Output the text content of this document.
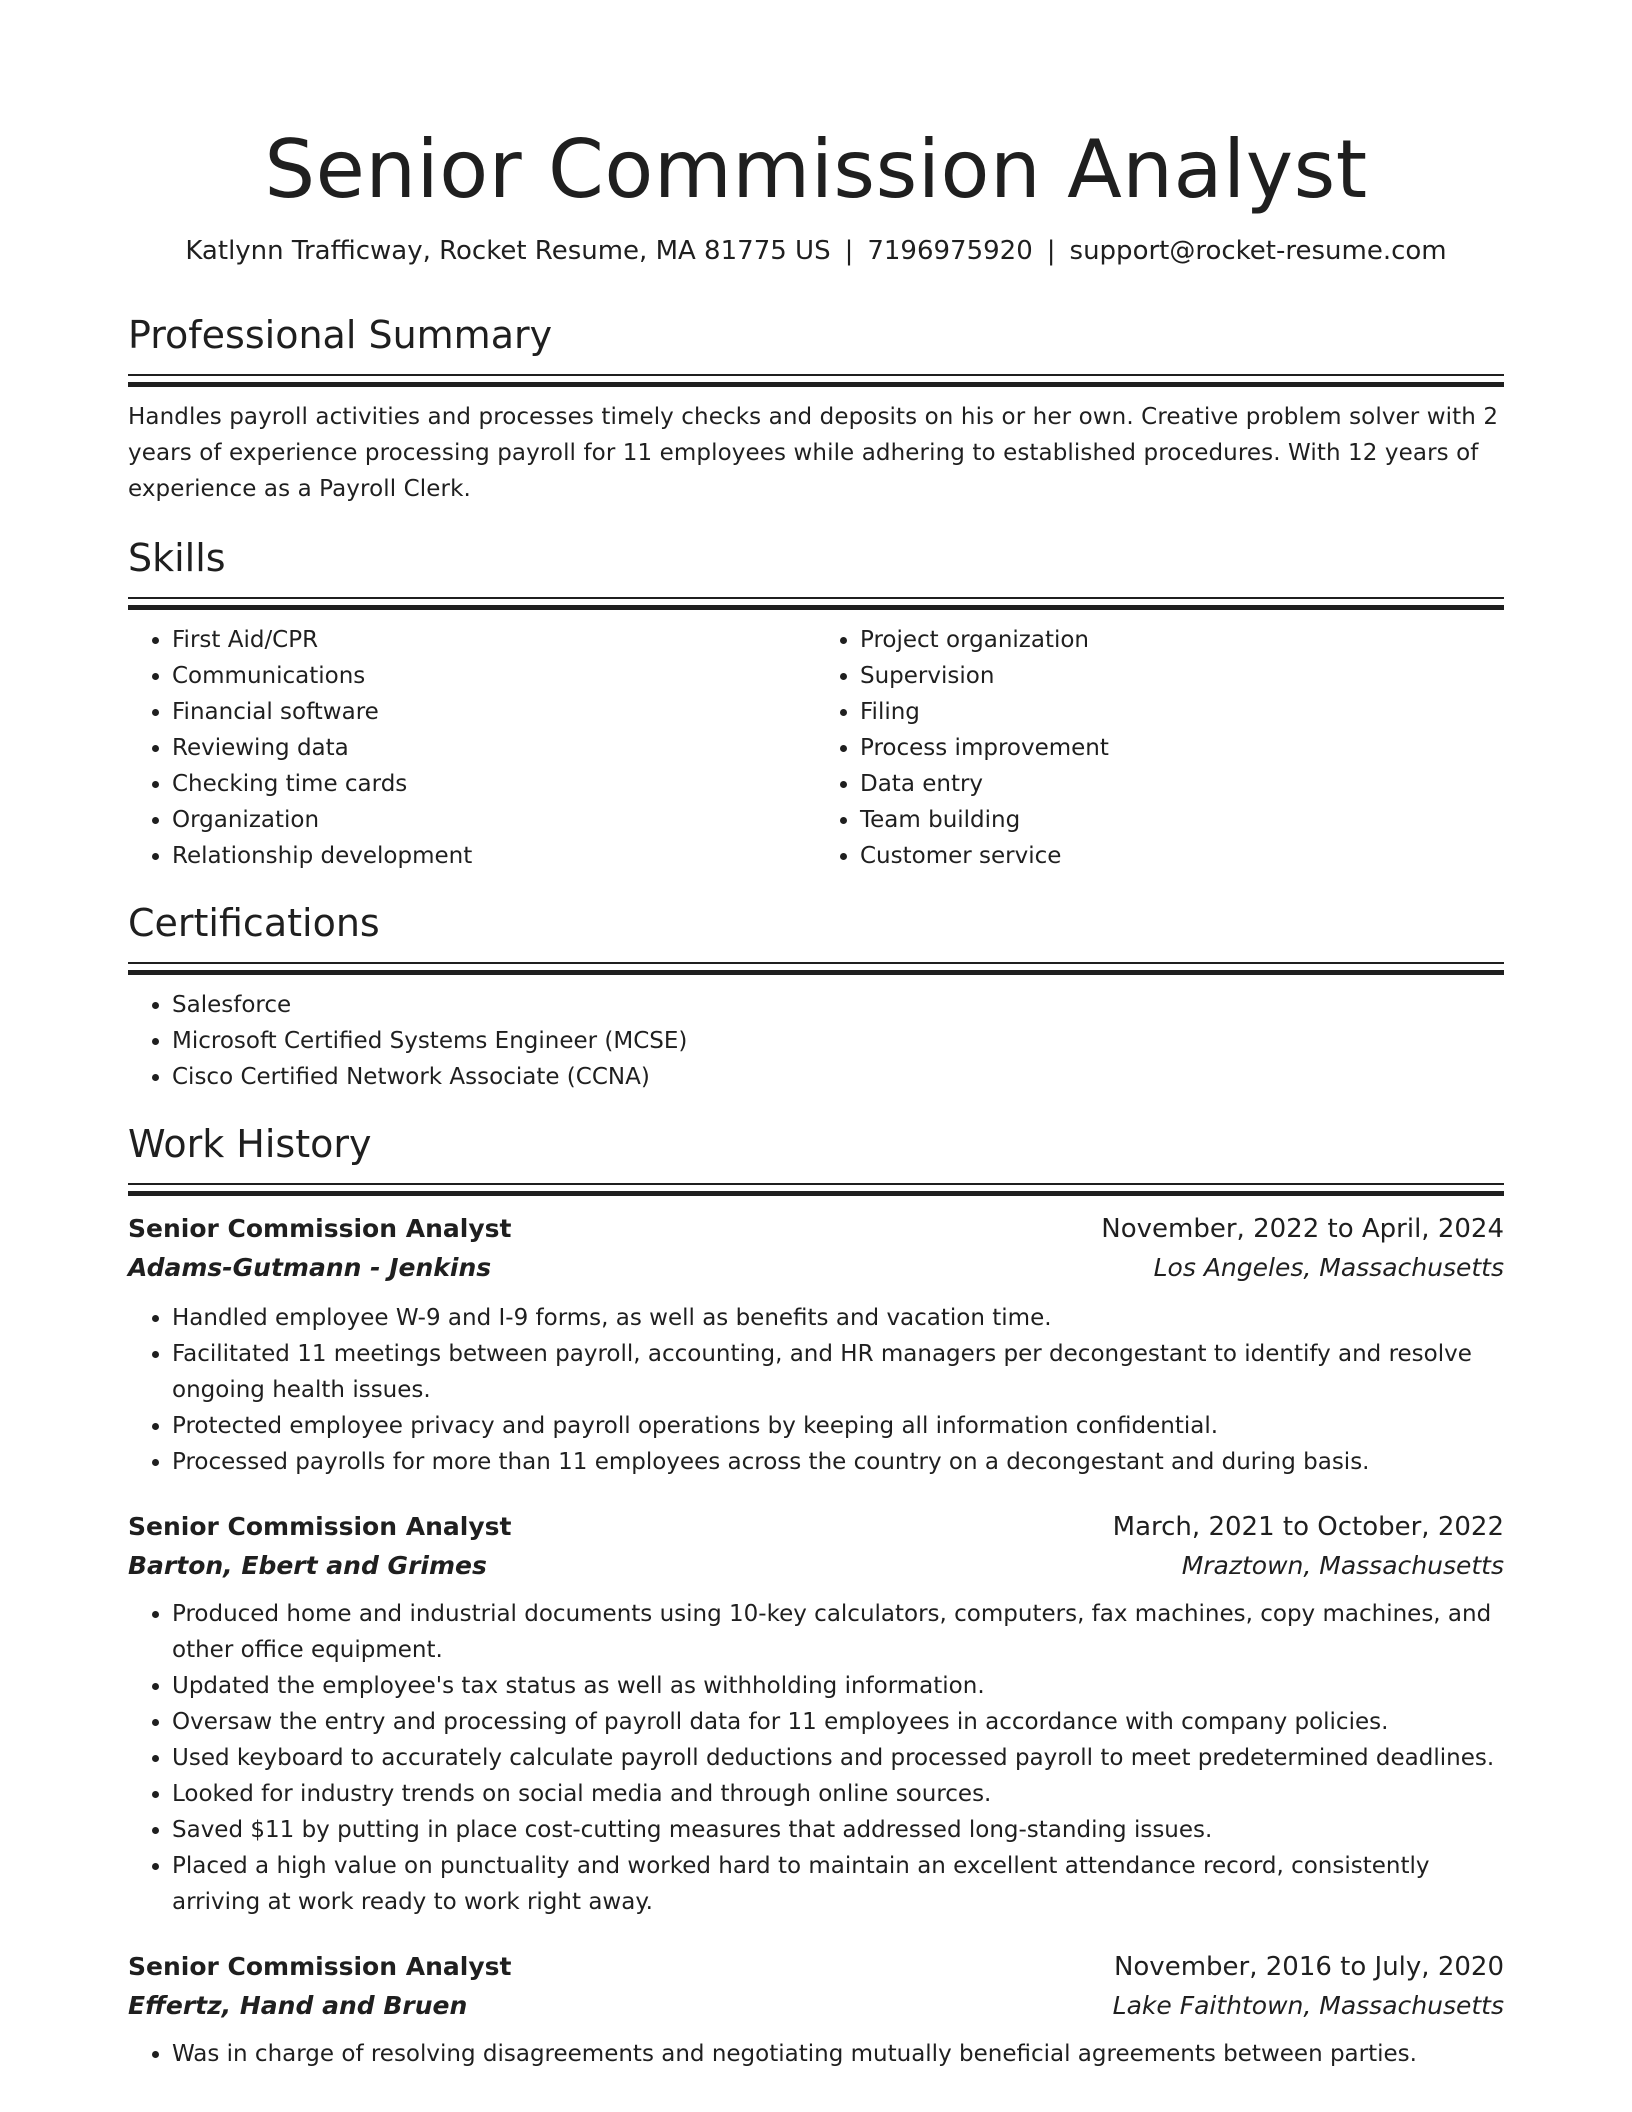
Senior Commission Analyst
Katlynn Trafficway, Rocket Resume, MA 81775 US | 7196975920 | support@rocket-resume.com
Professional Summary

Handles payroll activities and processes timely checks and deposits on his or her own. Creative problem solver with 2 years of experience processing payroll for 11 employees while adhering to established procedures. With 12 years of experience as a Payroll Clerk.

Skills
• First Aid/CPR
• Communications
• Financial software
• Reviewing data
• Checking time cards
• Organization
• Relationship development
• Project organization
• Supervision
• Filing
• Process improvement
• Data entry
• Team building
• Customer service
Certifications
• Salesforce
• Microsoft Certified Systems Engineer (MCSE)
• Cisco Certified Network Associate (CCNA)
Work History
Senior Commission Analyst	November, 2022 to April, 2024
Adams-Gutmann - Jenkins	Los Angeles, Massachusetts
• Handled employee W-9 and I-9 forms, as well as benefits and vacation time.
• Facilitated 11 meetings between payroll, accounting, and HR managers per decongestant to identify and resolve ongoing health issues.
• Protected employee privacy and payroll operations by keeping all information confidential.
• Processed payrolls for more than 11 employees across the country on a decongestant and during basis.
Senior Commission Analyst	March, 2021 to October, 2022
Barton, Ebert and Grimes	Mraztown, Massachusetts
• Produced home and industrial documents using 10-key calculators, computers, fax machines, copy machines, and other office equipment.
• Updated the employee's tax status as well as withholding information.
• Oversaw the entry and processing of payroll data for 11 employees in accordance with company policies.
• Used keyboard to accurately calculate payroll deductions and processed payroll to meet predetermined deadlines.
• Looked for industry trends on social media and through online sources.
• Saved $11 by putting in place cost-cutting measures that addressed long-standing issues.
• Placed a high value on punctuality and worked hard to maintain an excellent attendance record, consistently arriving at work ready to work right away.
Senior Commission Analyst	November, 2016 to July, 2020
Effertz, Hand and Bruen	Lake Faithtown, Massachusetts
• Was in charge of resolving disagreements and negotiating mutually beneficial agreements between parties.
